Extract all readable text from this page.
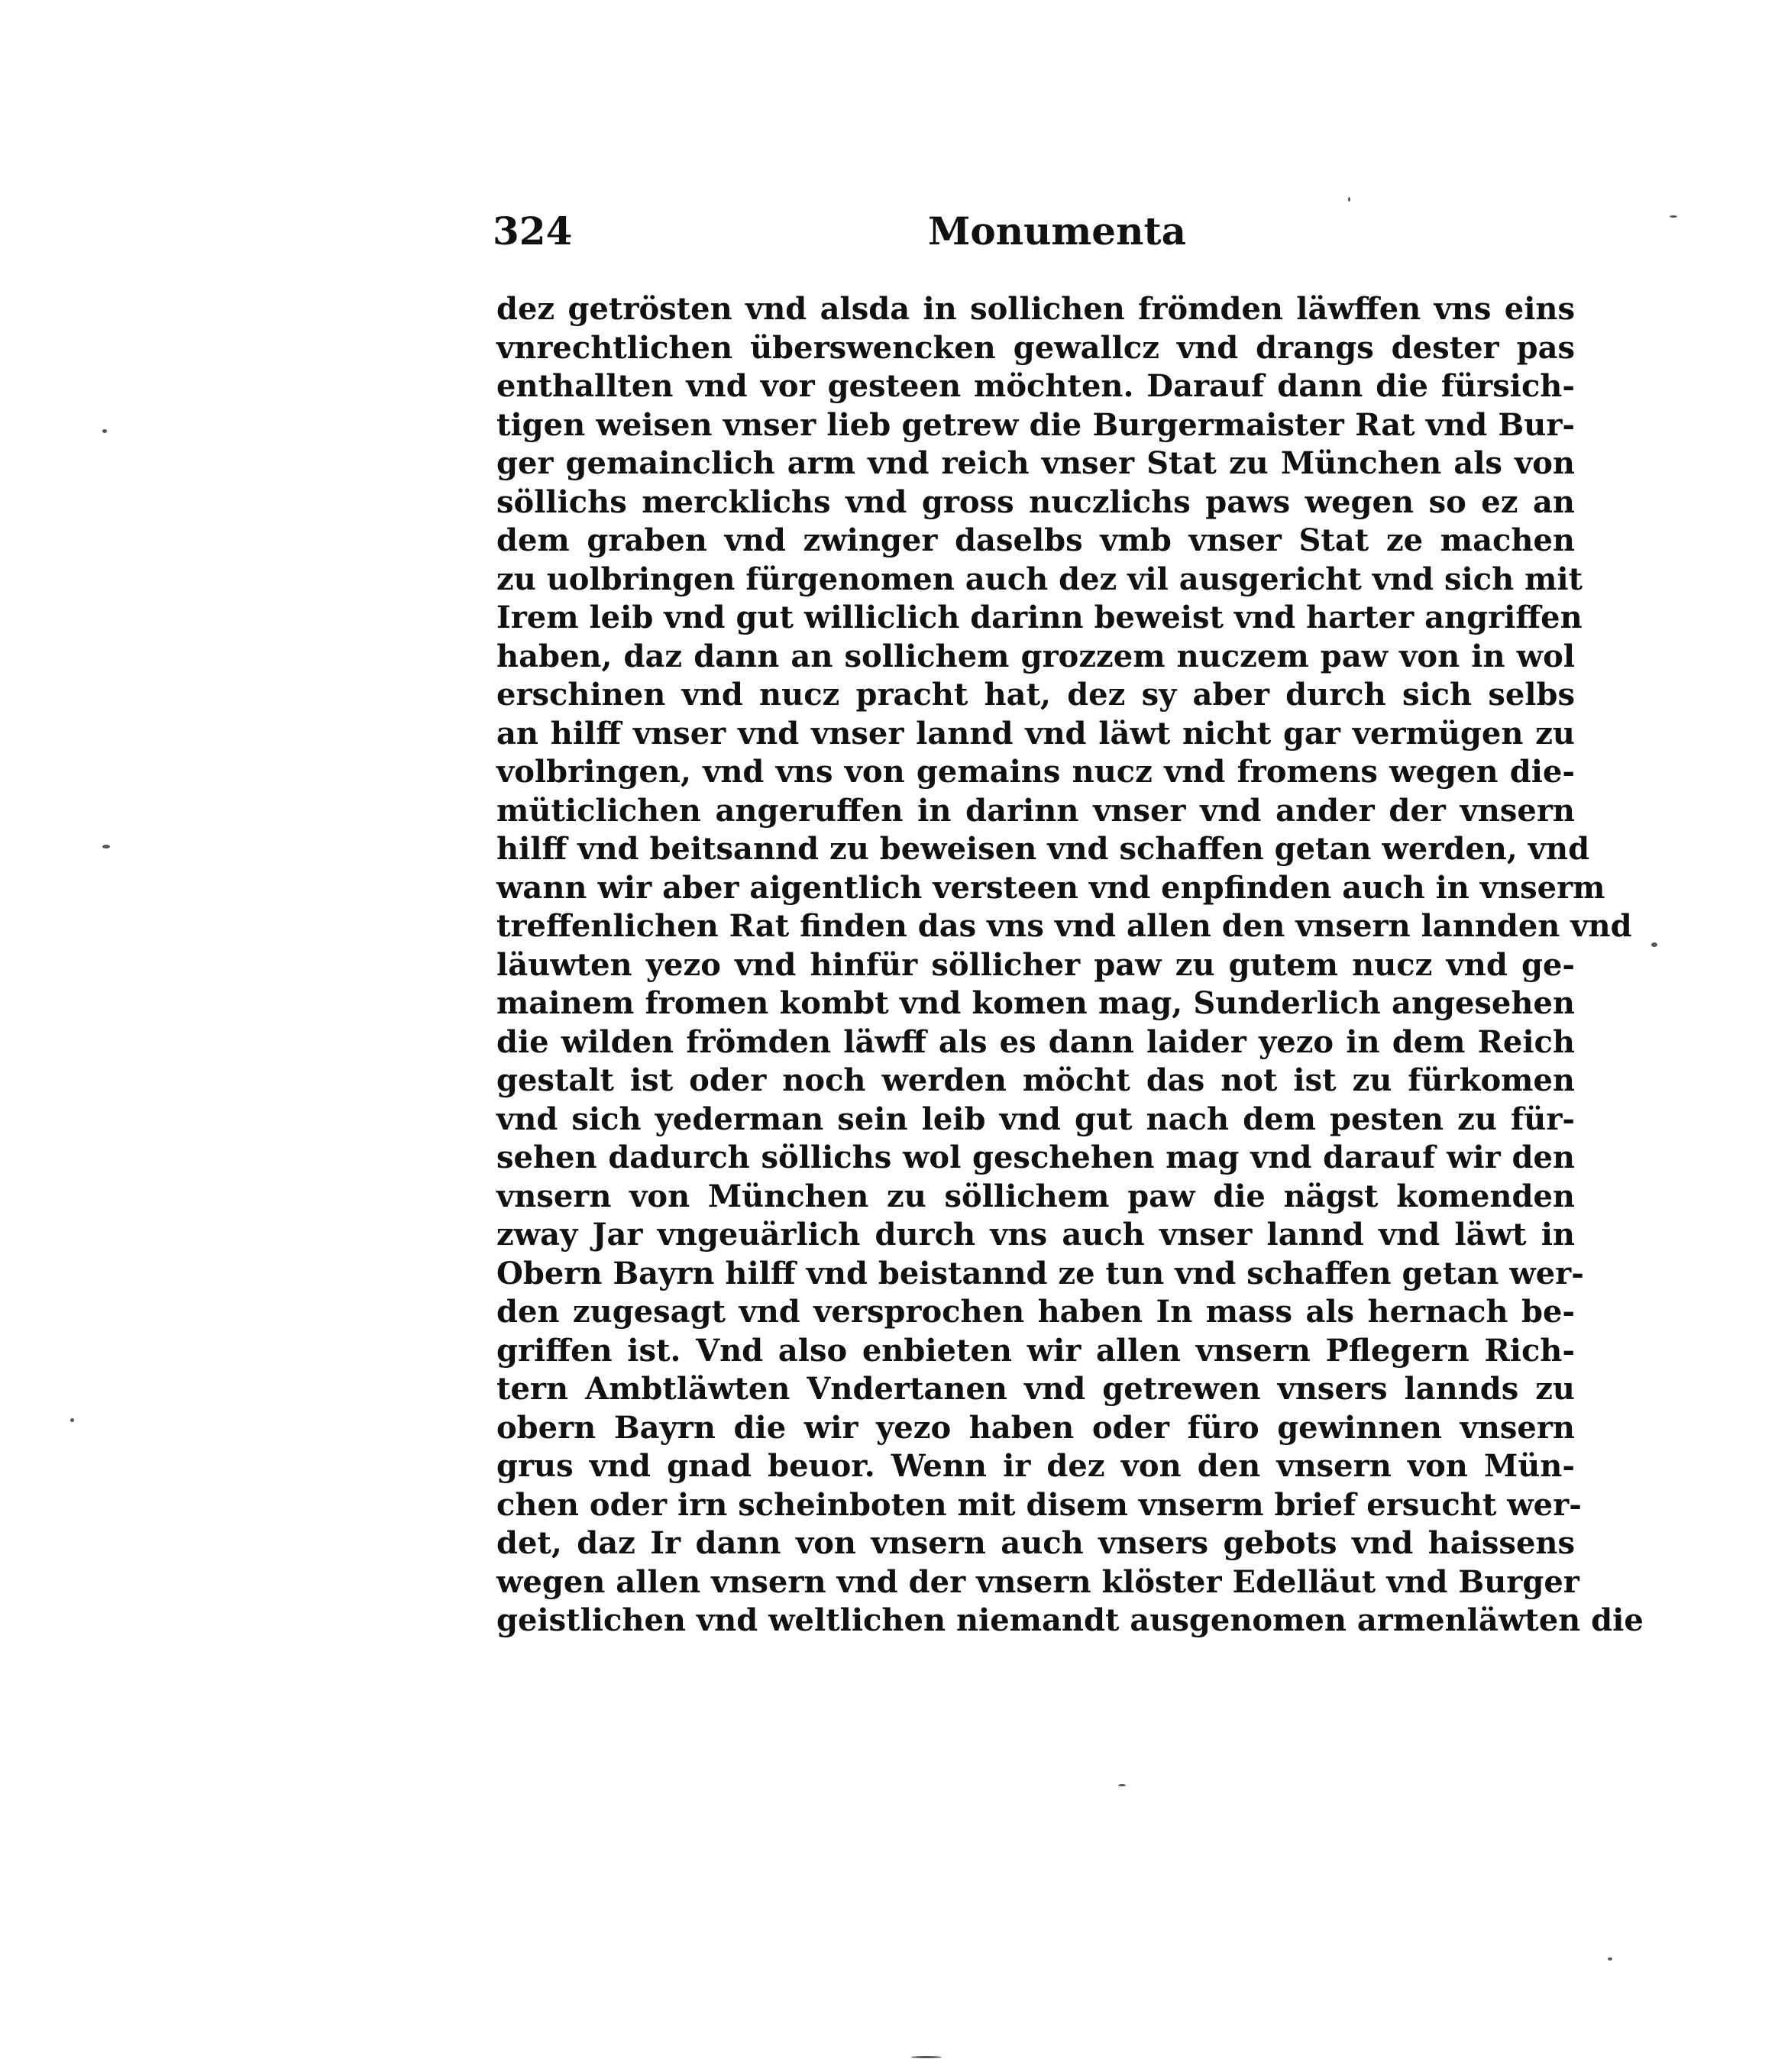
324	Monumenta
dez getrösten vnd alsda in sollichen frömden läwffen vns eins
vnrechtlichen überswencken gewallcz vnd drangs dester pas
enthallten vnd vor gesteen möchten. Darauf dann die fürsich-
tigen weisen vnser lieb getrew die Burgermaister Rat vnd Bur-
ger gemainclich arm vnd reich vnser Stat zu München als von
söllichs mercklichs vnd gross nuczlichs paws wegen so ez an
dem graben vnd zwinger daselbs vmb vnser Stat ze machen
zu uolbringen fürgenomen auch dez vil ausgericht vnd sich mit
Irem leib vnd gut williclich darinn beweist vnd harter angriffen
haben, daz dann an sollichem grozzem nuczem paw von in wol
erschinen vnd nucz pracht hat, dez sy aber durch sich selbs
an hilff vnser vnd vnser lannd vnd läwt nicht gar vermügen zu
volbringen, vnd vns von gemains nucz vnd fromens wegen die-
müticlichen angeruffen in darinn vnser vnd ander der vnsern
hilff vnd beitsannd zu beweisen vnd schaffen getan werden, vnd
wann wir aber aigentlich versteen vnd enpfinden auch in vnserm
treffenlichen Rat finden das vns vnd allen den vnsern lannden vnd
läuwten yezo vnd hinfür söllicher paw zu gutem nucz vnd ge-
mainem fromen kombt vnd komen mag, Sunderlich angesehen
die wilden frömden läwff als es dann laider yezo in dem Reich
gestalt ist oder noch werden möcht das not ist zu fürkomen
vnd sich yederman sein leib vnd gut nach dem pesten zu für-
sehen dadurch söllichs wol geschehen mag vnd darauf wir den
vnsern von München zu söllichem paw die nägst komenden
zway Jar vngeuärlich durch vns auch vnser lannd vnd läwt in
Obern Bayrn hilff vnd beistannd ze tun vnd schaffen getan wer-
den zugesagt vnd versprochen haben In mass als hernach be-
griffen ist. Vnd also enbieten wir allen vnsern Pflegern Rich-
tern Ambtläwten Vndertanen vnd getrewen vnsers lannds zu
obern Bayrn die wir yezo haben oder füro gewinnen vnsern
grus vnd gnad beuor. Wenn ir dez von den vnsern von Mün-
chen oder irn scheinboten mit disem vnserm brief ersucht wer-
det, daz Ir dann von vnsern auch vnsers gebots vnd haissens
wegen allen vnsern vnd der vnsern klöster Edelläut vnd Burger
geistlichen vnd weltlichen niemandt ausgenomen armenläwten die
